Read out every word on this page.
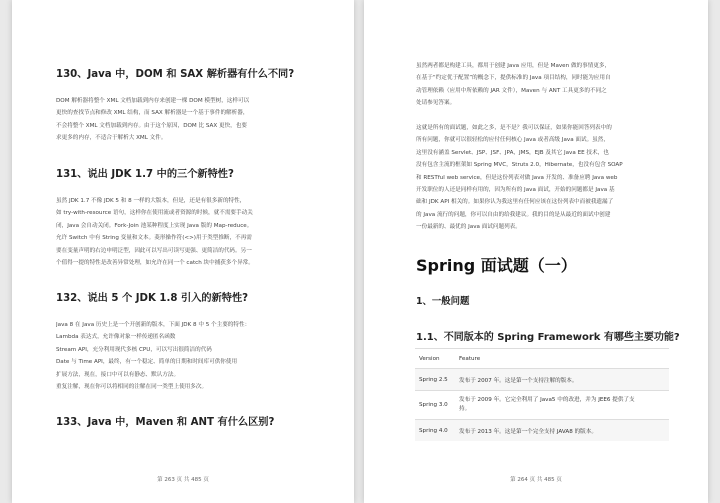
130、Java 中，DOM 和 SAX 解析器有什么不同?
DOM 解析器将整个 XML 文档加载到内存来创建一棵 DOM 模型树，这样可以
更快的查找节点和修改 XML 结构，而 SAX 解析器是一个基于事件的解析器，
不会将整个 XML 文档加载到内存。由于这个原因，DOM 比 SAX 更快，也要
求更多的内存，不适合于解析大 XML 文件。
131、说出 JDK 1.7 中的三个新特性?
虽然 JDK 1.7 不像 JDK 5 和 8 一样的大版本，但是，还是有很多新的特性，
如 try-with-resource 语句，这样你在使用流或者资源的时候，就不需要手动关
闭，Java 会自动关闭。Fork-Join 池某种程度上实现 Java 版的 Map-reduce。
允许 Switch 中有 String 变量和文本。菱形操作符(<>)用于类型推断，不再需
要在变量声明的右边申明泛型，因此可以写出可读写更强、更简洁的代码。另一
个值得一提的特性是改善异常处理，如允许在同一个 catch 块中捕获多个异常。
132、说出 5 个 JDK 1.8 引入的新特性?
Java 8 在 Java 历史上是一个开创新的版本，下面 JDK 8 中 5 个主要的特性：
Lambda 表达式，允许像对象一样传递匿名函数
Stream API，充分利用现代多核 CPU，可以写出很简洁的代码
Date 与 Time API，最终，有一个稳定、简单的日期和时间库可供你使用
扩展方法，现在，接口中可以有静态、默认方法。
重复注解，现在你可以将相同的注解在同一类型上使用多次。
133、Java 中，Maven 和 ANT 有什么区别?
第 263 页 共 485 页
虽然两者都是构建工具，都用于创建 Java 应用，但是 Maven 做的事情更多，
在基于“约定优于配置”的概念下，提供标准的 Java 项目结构，同时能为应用自
动管理依赖（应用中所依赖的 JAR 文件），Maven 与 ANT 工具更多的不同之
处请参见答案。
这就是所有的面试题，如此之多，是不是？我可以保证，如果你能回答列表中的
所有问题，你就可以很轻松的应付任何核心 Java 或者高级 Java 面试。虽然，
这里没有涵盖 Servlet、JSP、JSF、JPA，JMS，EJB 及其它 Java EE 技术，也
没有包含主流的框架如 Spring MVC，Struts 2.0，Hibernate，也没有包含 SOAP
和 RESTful web service，但是这份列表对做 Java 开发的、准备应聘 Java web
开发职位的人还是同样有用的，因为所有的 Java 面试，开始的问题都是 Java 基
础和 JDK API 相关的。如果你认为我这里有任何应该在这份列表中而被我遗漏了
的 Java 流行的问题，你可以自由的给我建议。我的目的是从最近的面试中创建
一份最新的、最优的 Java 面试问题列表。
Spring 面试题（一）
1、一般问题
1.1、不同版本的 Spring Framework 有哪些主要功能?
Version	Feature
Spring 2.5	发布于 2007 年。这是第一个支持注解的版本。
Spring 3.0	发布于 2009 年。它完全利用了 Java5 中的改进，并为 JEE6 提供了支
持。

Spring 4.0	发布于 2013 年。这是第一个完全支持 JAVA8 的版本。
第 264 页 共 485 页
